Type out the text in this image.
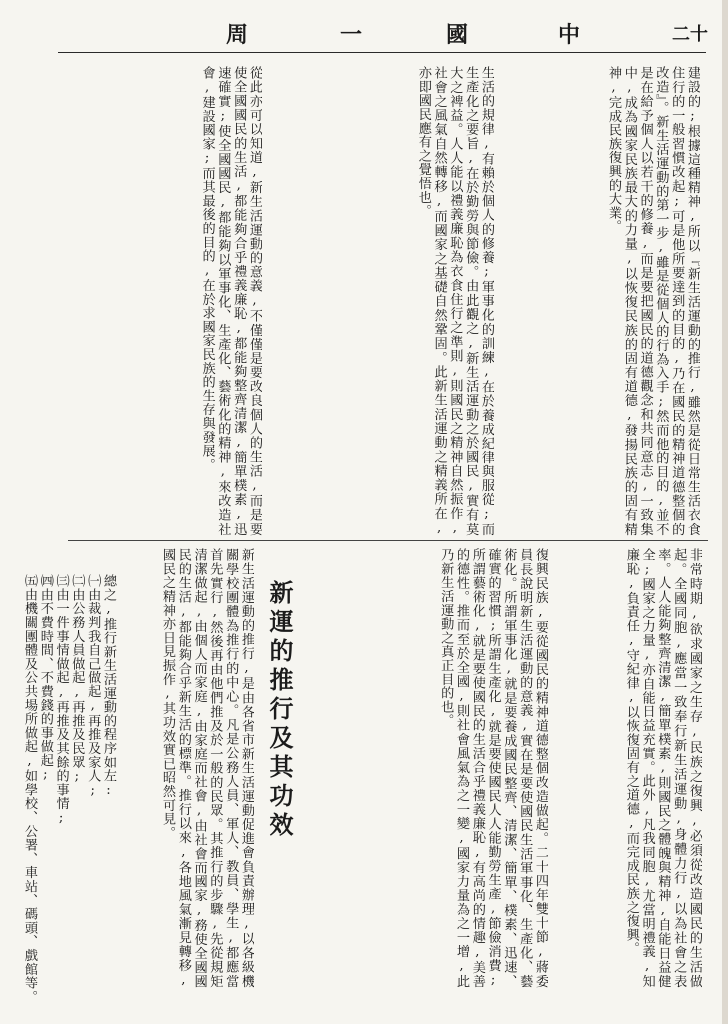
周	一	國	中	二十
建設的;根據這種精神,所以『新生活運動的推行,雖然是從日常生活衣食住行的一般習慣改起;可是他所要達到的目的,乃在國民的精神道德整個的改造』。新生活運動的第一步,雖是從個人的行為入手;然而他的目的,並不是在給予個人以若干的修養,而是要把國民的道德觀念和共同意志,一致集中,成為國家民族最大的力量,以恢復民族的固有道德,發揚民族的固有精神,完成民族復興的大業。
生活的規律,有賴於個人的修養;軍事化的訓練,在於養成紀律與服從;而生產化之要旨,在於勤勞與節儉。由此觀之,新生活運動之於國民,實有莫大之裨益。人人能以禮義廉恥為衣食住行之準則,則國民之精神自然振作,社會之風氣自然轉移,而國家之基礎自然鞏固。此新生活運動之精義所在,亦即國民應有之覺悟也。
從此亦可以知道,新生活運動的意義,不僅僅是要改良個人的生活,而是要使全國國民的生活,都能夠合乎禮義廉恥,都能夠整齊清潔,簡單樸素,迅速確實;使全國國民,都能夠以軍事化、生產化、藝術化的精神,來改造社會,建設國家;而其最後的目的,在於求國家民族的生存與發展。
非常時期,欲求國家之生存,民族之復興,必須從改造國民的生活做起。全國同胞,應當一致奉行新生活運動,身體力行,以為社會之表率。人人能夠整齊清潔,簡單樸素,則國民之體魄與精神,自能日益健全;國家之力量,亦自能日益充實。此外,凡我同胞,尤當明禮義,知廉恥,負責任,守紀律,以恢復固有之道德,而完成民族之復興。
復興民族,要從國民的精神道德整個改造做起。二十四年雙十節,蔣委員長說明新生活運動的意義,實在是要使國民生活軍事化、生產化、藝術化。所謂軍事化,就是要養成國民整齊、清潔、簡單、樸素、迅速、確實的習慣;所謂生產化,就是要使國民人人能勤勞生產,節儉消費;所謂藝術化,就是要使國民的生活合乎禮義廉恥,有高尚的情趣,美善的德性。推而至於全國,則社會風氣為之一變,國家力量為之一增,此乃新生活運動之真正目的也。
新運的推行及其功效
新生活運動的推行,是由各省市新生活運動促進會負責辦理,以各級機關學校團體為推行的中心。凡是公務人員、軍人、教員、學生,都應當首先實行,然後再由他們推及於一般的民眾。其推行的步驟,先從規矩清潔做起,由個人而家庭,由家庭而社會,由社會而國家,務使全國國民的生活,都能夠合乎新生活的標準。推行以來,各地風氣漸見轉移,國民之精神亦日見振作,其功效實已昭然可見。
總之,推行新生活運動的程序如左:
㈠由裁判我自己做起,再推及家人;
㈡由公務人員做起,再推及民眾;
㈢由一件事情做起,再推及其餘的事情;
㈣由不費時間、不費錢的事做起;
㈤由機關團體及公共場所做起,如學校、公署、車站、碼頭、戲館等。
